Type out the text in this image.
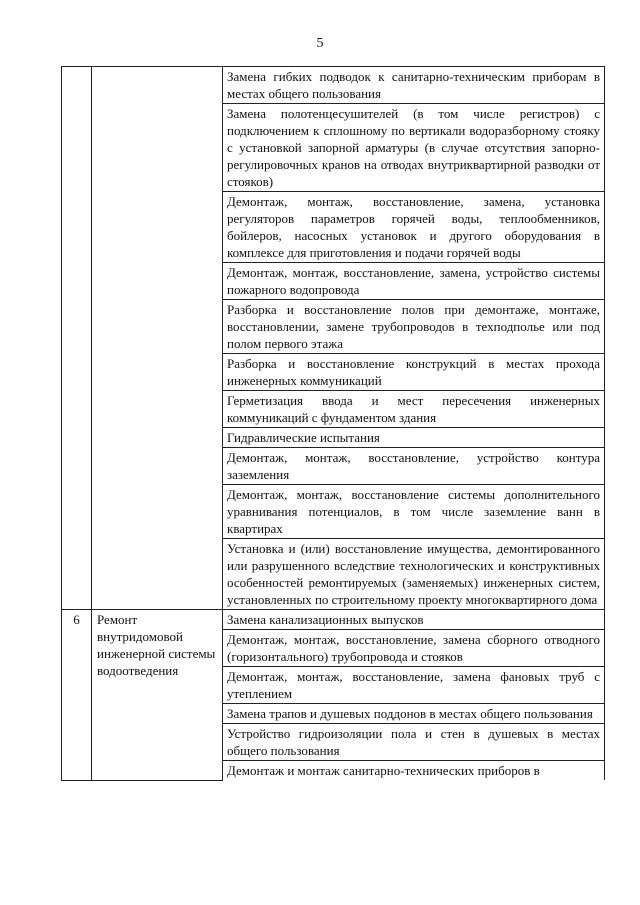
5
		Замена гибких подводок к санитарно-техническим приборам в местах общего пользования
		Замена полотенцесушителей (в том числе регистров) с подключением к сплошному по вертикали водоразборному стояку с установкой запорной арматуры (в случае отсутствия запорно-регулировочных кранов на отводах внутриквартирной разводки от стояков)
		Демонтаж, монтаж, восстановление, замена, установка регуляторов параметров горячей воды, теплообменников, бойлеров, насосных установок и другого оборудования в комплексе для приготовления и подачи горячей воды
		Демонтаж, монтаж, восстановление, замена, устройство системы пожарного водопровода
		Разборка и восстановление полов при демонтаже, монтаже, восстановлении, замене трубопроводов в техподполье или под полом первого этажа
		Разборка и восстановление конструкций в местах прохода инженерных коммуникаций
		Герметизация ввода и мест пересечения инженерных коммуникаций с фундаментом здания
		Гидравлические испытания
		Демонтаж, монтаж, восстановление, устройство контура заземления
		Демонтаж, монтаж, восстановление системы дополнительного уравнивания потенциалов, в том числе заземление ванн в квартирах
		Установка и (или) восстановление имущества, демонтированного или разрушенного вследствие технологических и конструктивных особенностей ремонтируемых (заменяемых) инженерных систем, установленных по строительному проекту многоквартирного дома
6	Ремонт внутридомовой инженерной системы водоотведения	Замена канализационных выпусков
		Демонтаж, монтаж, восстановление, замена сборного отводного (горизонтального) трубопровода и стояков
		Демонтаж, монтаж, восстановление, замена фановых труб с утеплением
		Замена трапов и душевых поддонов в местах общего пользования
		Устройство гидроизоляции пола и стен в душевых в местах общего пользования
		Демонтаж и монтаж санитарно-технических приборов в
